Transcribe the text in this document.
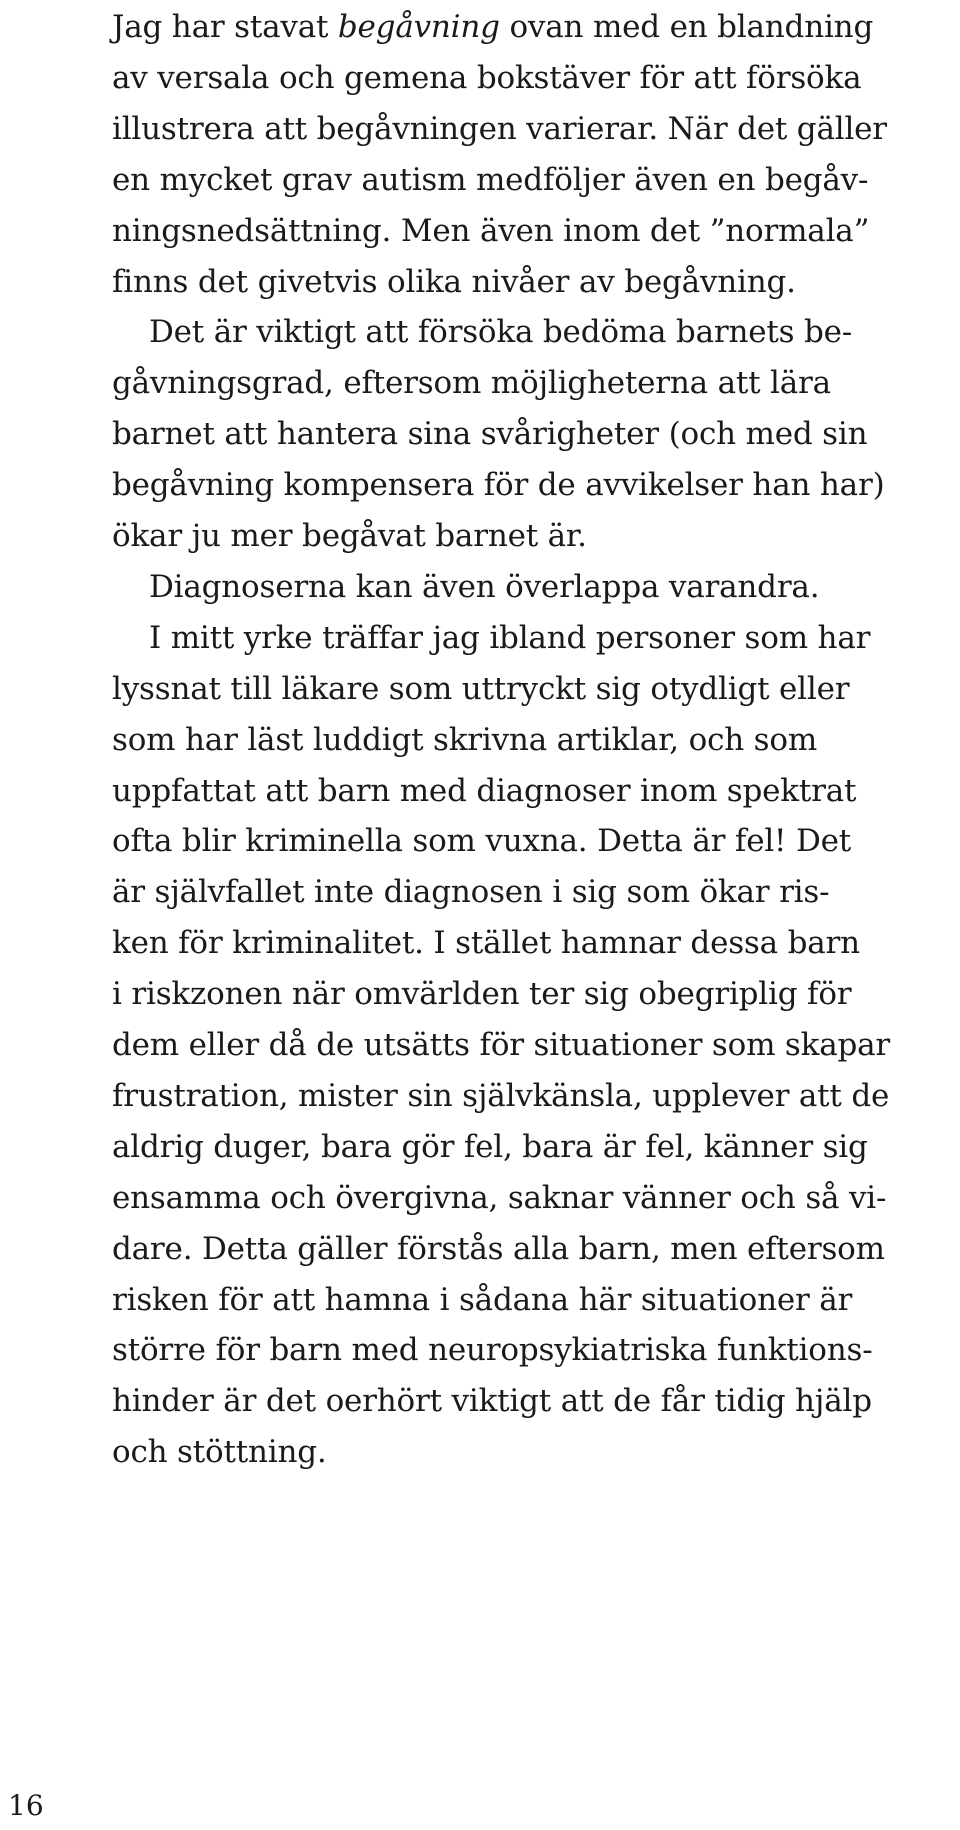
Jag har stavat begåvning ovan med en blandning
av versala och gemena bokstäver för att försöka
illustrera att begåvningen varierar. När det gäller
en mycket grav autism medföljer även en begåv-
ningsnedsättning. Men även inom det ”normala”
finns det givetvis olika nivåer av begåvning.
Det är viktigt att försöka bedöma barnets be-
gåvningsgrad, eftersom möjligheterna att lära
barnet att hantera sina svårigheter (och med sin
begåvning kompensera för de avvikelser han har)
ökar ju mer begåvat barnet är.
Diagnoserna kan även överlappa varandra.
I mitt yrke träffar jag ibland personer som har
lyssnat till läkare som uttryckt sig otydligt eller
som har läst luddigt skrivna artiklar, och som
uppfattat att barn med diagnoser inom spektrat
ofta blir kriminella som vuxna. Detta är fel! Det
är självfallet inte diagnosen i sig som ökar ris-
ken för kriminalitet. I stället hamnar dessa barn
i riskzonen när omvärlden ter sig obegriplig för
dem eller då de utsätts för situationer som skapar
frustration, mister sin självkänsla, upplever att de
aldrig duger, bara gör fel, bara är fel, känner sig
ensamma och övergivna, saknar vänner och så vi-
dare. Detta gäller förstås alla barn, men eftersom
risken för att hamna i sådana här situationer är
större för barn med neuropsykiatriska funktions-
hinder är det oerhört viktigt att de får tidig hjälp
och stöttning.
16
